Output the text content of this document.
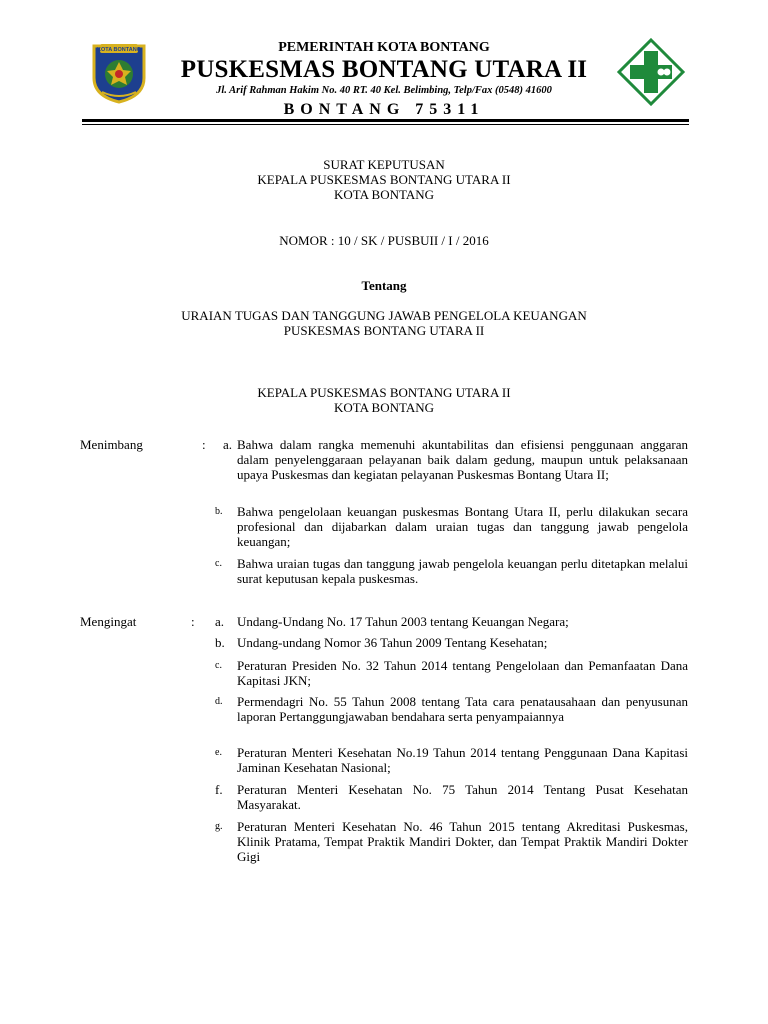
KOTA BONTANG	PEMERINTAH KOTA BONTANG
PUSKESMAS BONTANG UTARA II
Jl. Arif Rahman Hakim No. 40 RT. 40 Kel. Belimbing, Telp/Fax (0548) 41600
BONTANG 75311
SURAT KEPUTUSAN
KEPALA PUSKESMAS BONTANG UTARA II
KOTA BONTANG
NOMOR : 10 / SK / PUSBUII / I / 2016
Tentang
URAIAN TUGAS DAN TANGGUNG JAWAB PENGELOLA KEUANGAN
PUSKESMAS BONTANG UTARA II
KEPALA PUSKESMAS BONTANG UTARA II
KOTA BONTANG
Menimbang	: a. Bahwa dalam rangka memenuhi akuntabilitas dan efisiensi penggunaan anggaran dalam penyelenggaraan pelayanan baik dalam gedung, maupun untuk pelaksanaan upaya Puskesmas dan kegiatan pelayanan Puskesmas Bontang Utara II;
b.	Bahwa pengelolaan keuangan puskesmas Bontang Utara II, perlu dilakukan secara profesional dan dijabarkan dalam uraian tugas dan tanggung jawab pengelola keuangan;
c.	Bahwa uraian tugas dan tanggung jawab pengelola keuangan perlu ditetapkan melalui surat keputusan kepala puskesmas.
Mengingat	: a. Undang-Undang No. 17 Tahun 2003 tentang Keuangan Negara;
b. Undang-undang Nomor 36 Tahun 2009 Tentang Kesehatan;
c.	Peraturan Presiden No. 32 Tahun 2014 tentang Pengelolaan dan Pemanfaatan Dana Kapitasi JKN;
d.	Permendagri No. 55 Tahun 2008 tentang Tata cara penatausahaan dan penyusunan laporan Pertanggungjawaban bendahara serta penyampaiannya
e.	Peraturan Menteri Kesehatan No.19 Tahun 2014 tentang Penggunaan Dana Kapitasi Jaminan Kesehatan Nasional;
f.	Peraturan Menteri Kesehatan No. 75 Tahun 2014 Tentang Pusat Kesehatan Masyarakat.
g.	Peraturan Menteri Kesehatan No. 46 Tahun 2015 tentang Akreditasi Puskesmas, Klinik Pratama, Tempat Praktik Mandiri Dokter, dan Tempat Praktik Mandiri Dokter Gigi
